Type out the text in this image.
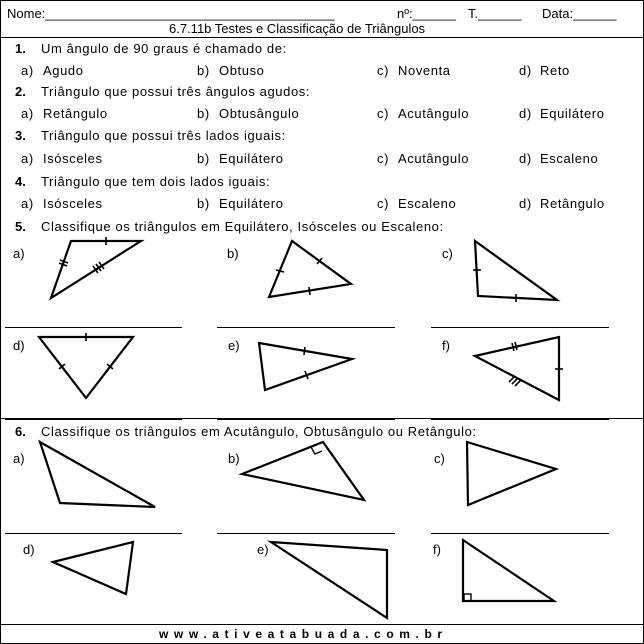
Nome:________________________________________	nº:______ T.______ Data:______
6.7.11b Testes e Classificação de Triângulos
1. Um ângulo de 90 graus é chamado de:
a) Agudo	b) Obtuso	c) Noventa	d) Reto
2. Triângulo que possui três ângulos agudos:
a) Retângulo	b) Obtusângulo	c) Acutângulo	d) Equilátero
3. Triângulo que possui três lados iguais:
a) Isósceles	b) Equilátero	c) Acutângulo	d) Escaleno
4. Triângulo que tem dois lados iguais:
a) Isósceles	b) Equilátero	c) Escaleno	d) Retângulo
5. Classifique os triângulos em Equilátero, Isósceles ou Escaleno:
a)	b)	c)
d)	e)	f)
6. Classifique os triângulos em Acutângulo, Obtusângulo ou Retângulo:
a)	b)	c)
d)	e)	f)
www.ativeatabuada.com.br
